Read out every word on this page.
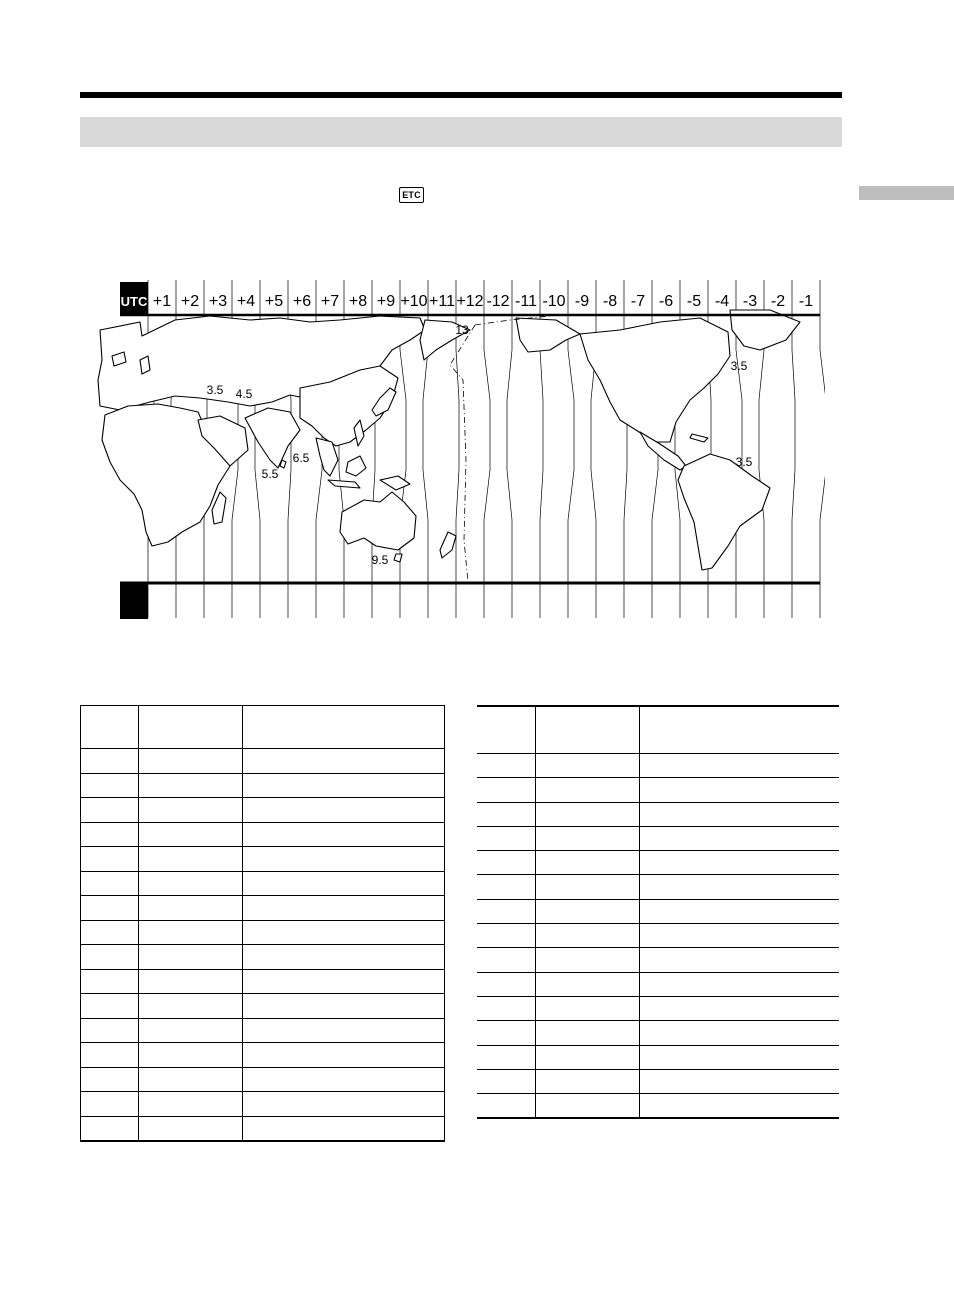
ETC
UTC +1 +2 +3 +4 +5 +6 +7 +8 +9 +10 +11 +12 -12 -11 -10 -9 -8 -7 -6 -5 -4 -3 -2 -1
3.5 4.5
5.5
6.5
9.5
13
3.5
3.5
